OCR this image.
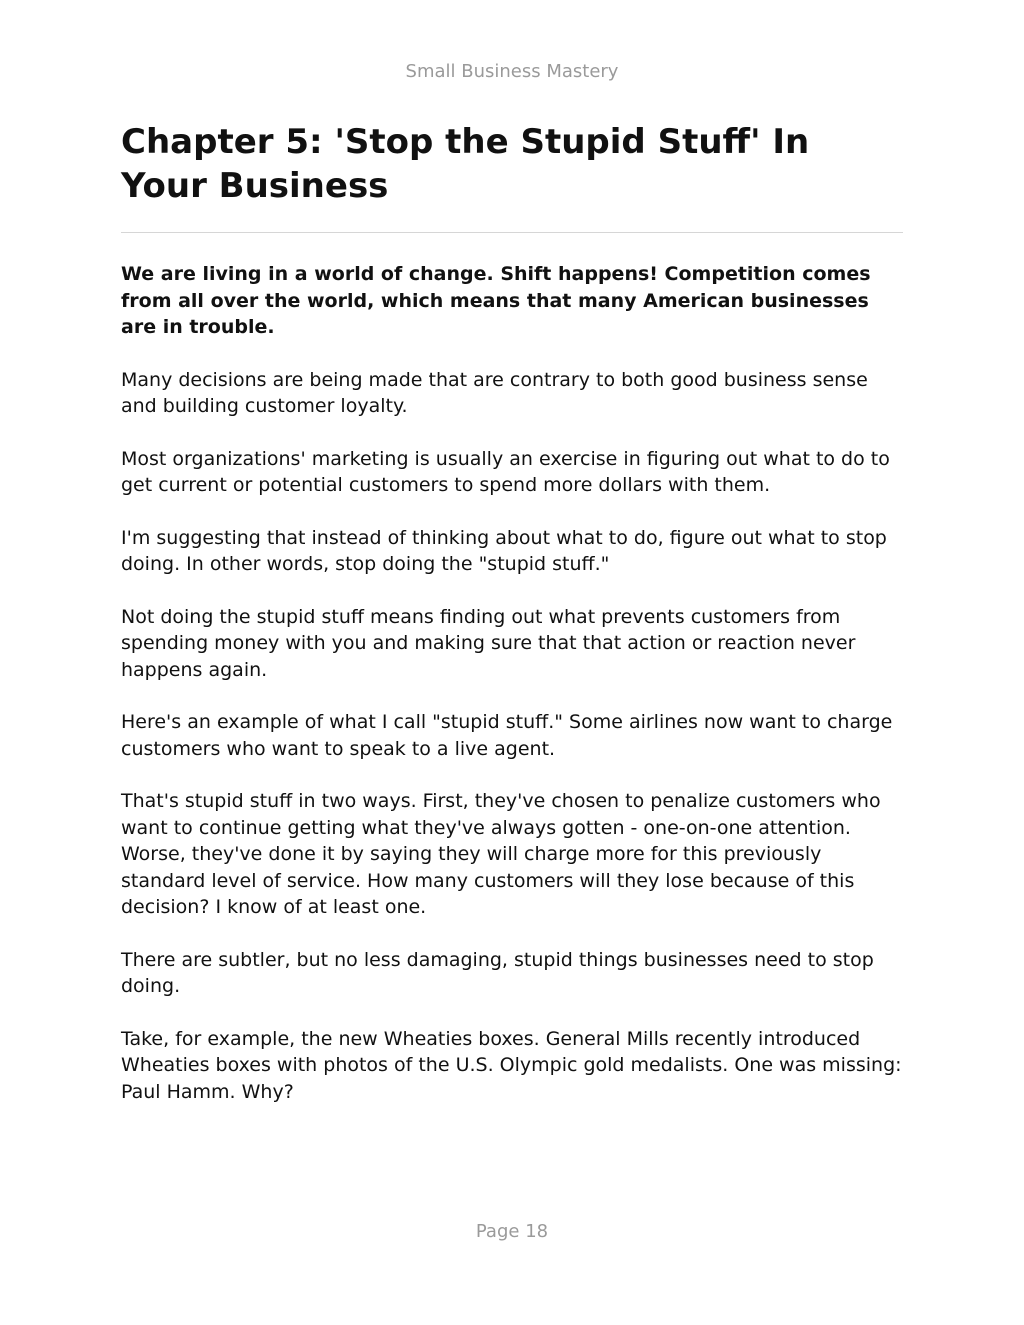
Small Business Mastery
Chapter 5: 'Stop the Stupid Stuff' In Your Business

We are living in a world of change. Shift happens! Competition comes from all over the world, which means that many American businesses are in trouble.

Many decisions are being made that are contrary to both good business sense and building customer loyalty.

Most organizations' marketing is usually an exercise in figuring out what to do to get current or potential customers to spend more dollars with them.

I'm suggesting that instead of thinking about what to do, figure out what to stop doing. In other words, stop doing the "stupid stuff."

Not doing the stupid stuff means finding out what prevents customers from spending money with you and making sure that that action or reaction never happens again.

Here's an example of what I call "stupid stuff." Some airlines now want to charge customers who want to speak to a live agent.

That's stupid stuff in two ways. First, they've chosen to penalize customers who want to continue getting what they've always gotten - one-on-one attention. Worse, they've done it by saying they will charge more for this previously standard level of service. How many customers will they lose because of this decision? I know of at least one.

There are subtler, but no less damaging, stupid things businesses need to stop doing.

Take, for example, the new Wheaties boxes. General Mills recently introduced Wheaties boxes with photos of the U.S. Olympic gold medalists. One was missing: Paul Hamm. Why?

Page 18
